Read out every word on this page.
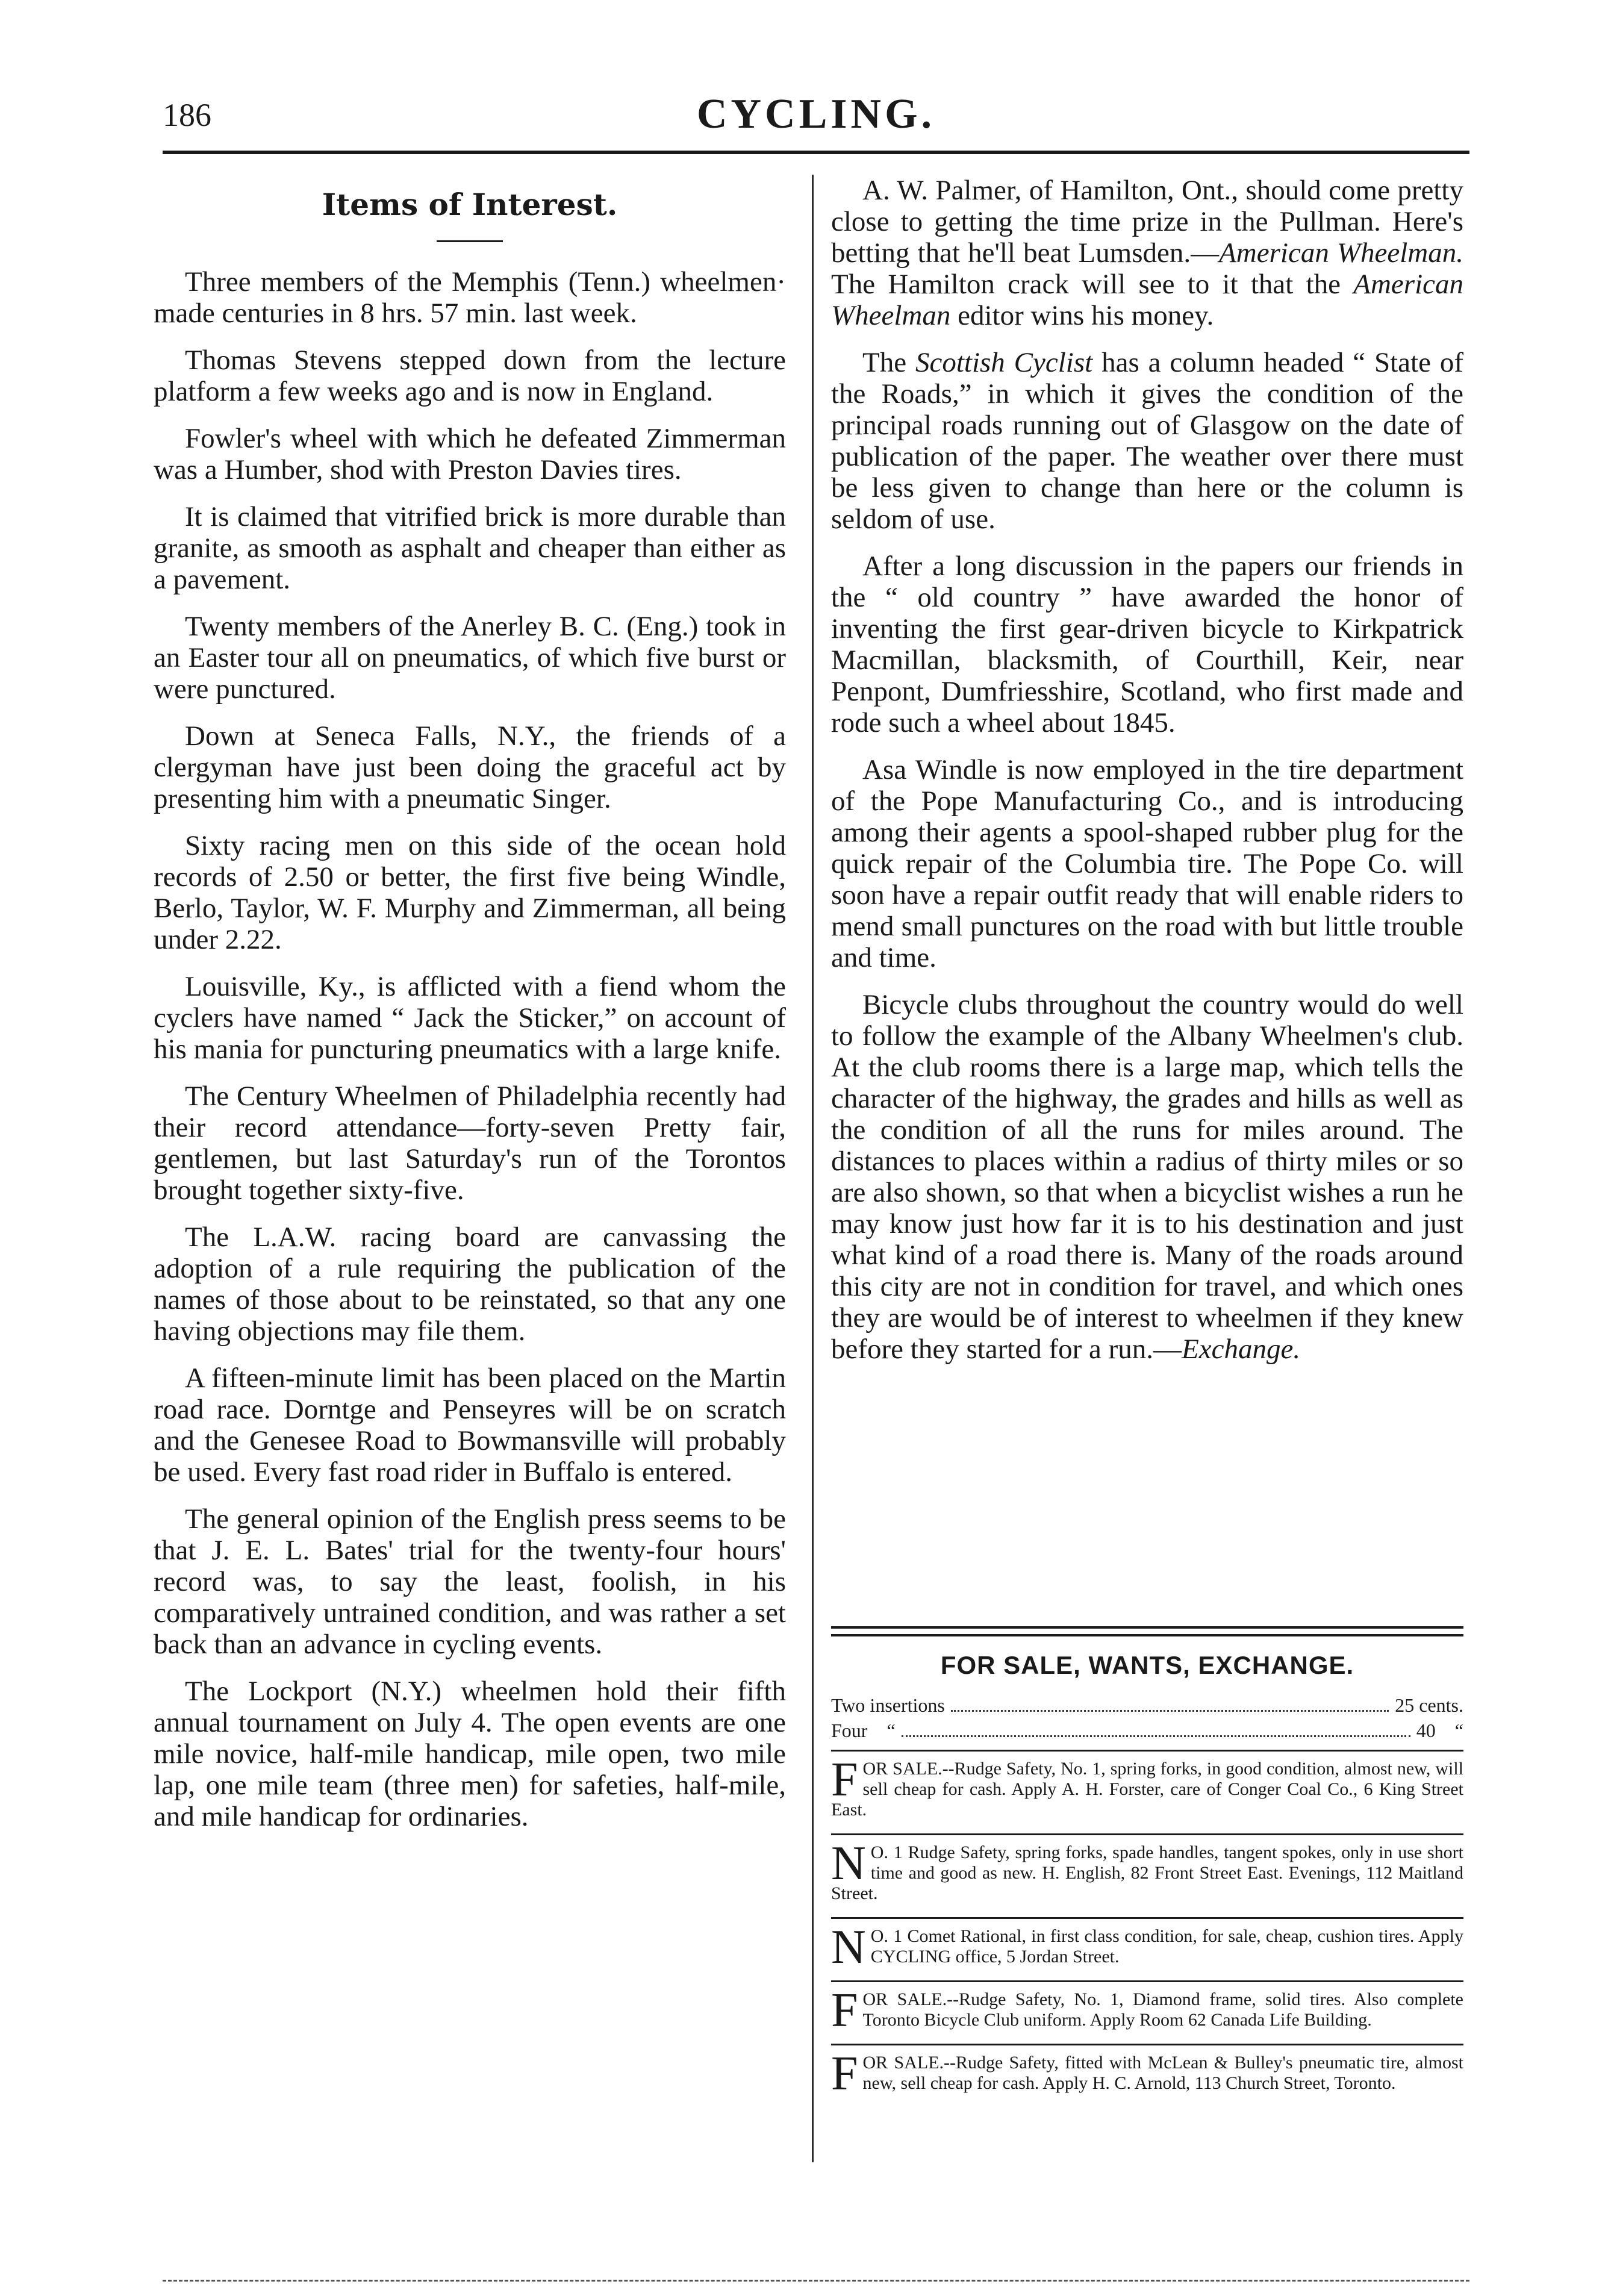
186	CYCLING.
Items of Interest.

Three members of the Memphis (Tenn.) wheelmen· made centuries in 8 hrs. 57 min. last week.

Thomas Stevens stepped down from the lecture platform a few weeks ago and is now in England.

Fowler's wheel with which he defeated Zimmerman was a Humber, shod with Preston Davies tires.

It is claimed that vitrified brick is more durable than granite, as smooth as asphalt and cheaper than either as a pavement.

Twenty members of the Anerley B. C. (Eng.) took in an Easter tour all on pneumatics, of which five burst or were punctured.

Down at Seneca Falls, N.Y., the friends of a clergyman have just been doing the graceful act by presenting him with a pneumatic Singer.

Sixty racing men on this side of the ocean hold records of 2.50 or better, the first five being Windle, Berlo, Taylor, W. F. Murphy and Zimmerman, all being under 2.22.

Louisville, Ky., is afflicted with a fiend whom the cyclers have named “ Jack the Sticker,” on account of his mania for puncturing pneumatics with a large knife.

The Century Wheelmen of Philadelphia recently had their record attendance—forty-seven Pretty fair, gentlemen, but last Saturday's run of the Torontos brought together sixty-five.

The L.A.W. racing board are canvassing the adoption of a rule requiring the publication of the names of those about to be reinstated, so that any one having objections may file them.

A fifteen-minute limit has been placed on the Martin road race. Dorntge and Penseyres will be on scratch and the Genesee Road to Bowmansville will probably be used. Every fast road rider in Buffalo is entered.

The general opinion of the English press seems to be that J. E. L. Bates' trial for the twenty-four hours' record was, to say the least, foolish, in his comparatively untrained condition, and was rather a set back than an advance in cycling events.

The Lockport (N.Y.) wheelmen hold their fifth annual tournament on July 4. The open events are one mile novice, half-mile handicap, mile open, two mile lap, one mile team (three men) for safeties, half-mile, and mile handicap for ordinaries.

A. W. Palmer, of Hamilton, Ont., should come pretty close to getting the time prize in the Pullman. Here's betting that he'll beat Lumsden.—American Wheelman. The Hamilton crack will see to it that the American Wheelman editor wins his money.

The Scottish Cyclist has a column headed “ State of the Roads,” in which it gives the condition of the principal roads running out of Glasgow on the date of publication of the paper. The weather over there must be less given to change than here or the column is seldom of use.

After a long discussion in the papers our friends in the “ old country ” have awarded the honor of inventing the first gear-driven bicycle to Kirkpatrick Macmillan, blacksmith, of Courthill, Keir, near Penpont, Dumfriesshire, Scotland, who first made and rode such a wheel about 1845.

Asa Windle is now employed in the tire department of the Pope Manufacturing Co., and is introducing among their agents a spool-shaped rubber plug for the quick repair of the Columbia tire. The Pope Co. will soon have a repair outfit ready that will enable riders to mend small punctures on the road with but little trouble and time.

Bicycle clubs throughout the country would do well to follow the example of the Albany Wheelmen's club. At the club rooms there is a large map, which tells the character of the highway, the grades and hills as well as the condition of all the runs for miles around. The distances to places within a radius of thirty miles or so are also shown, so that when a bicyclist wishes a run he may know just how far it is to his destination and just what kind of a road there is. Many of the roads around this city are not in condition for travel, and which ones they are would be of interest to wheelmen if they knew before they started for a run.—Exchange.

FOR SALE, WANTS, EXCHANGE.
Two insertions	25 cents.
Four    “	40    “
FOR SALE.--Rudge Safety, No. 1, spring forks, in good condition, almost new, will sell cheap for cash. Apply A. H. Forster, care of Conger Coal Co., 6 King Street East.
N O. 1 Rudge Safety, spring forks, spade handles, tangent spokes, only in use short time and good as new. H. English, 82 Front Street East. Evenings, 112 Maitland Street.
N O. 1 Comet Rational, in first class condition, for sale, cheap, cushion tires. Apply CYCLING office, 5 Jordan Street.
FOR SALE.--Rudge Safety, No. 1, Diamond frame, solid tires. Also complete Toronto Bicycle Club uniform. Apply Room 62 Canada Life Building.
FOR SALE.--Rudge Safety, fitted with McLean & Bulley's pneumatic tire, almost new, sell cheap for cash. Apply H. C. Arnold, 113 Church Street, Toronto.
